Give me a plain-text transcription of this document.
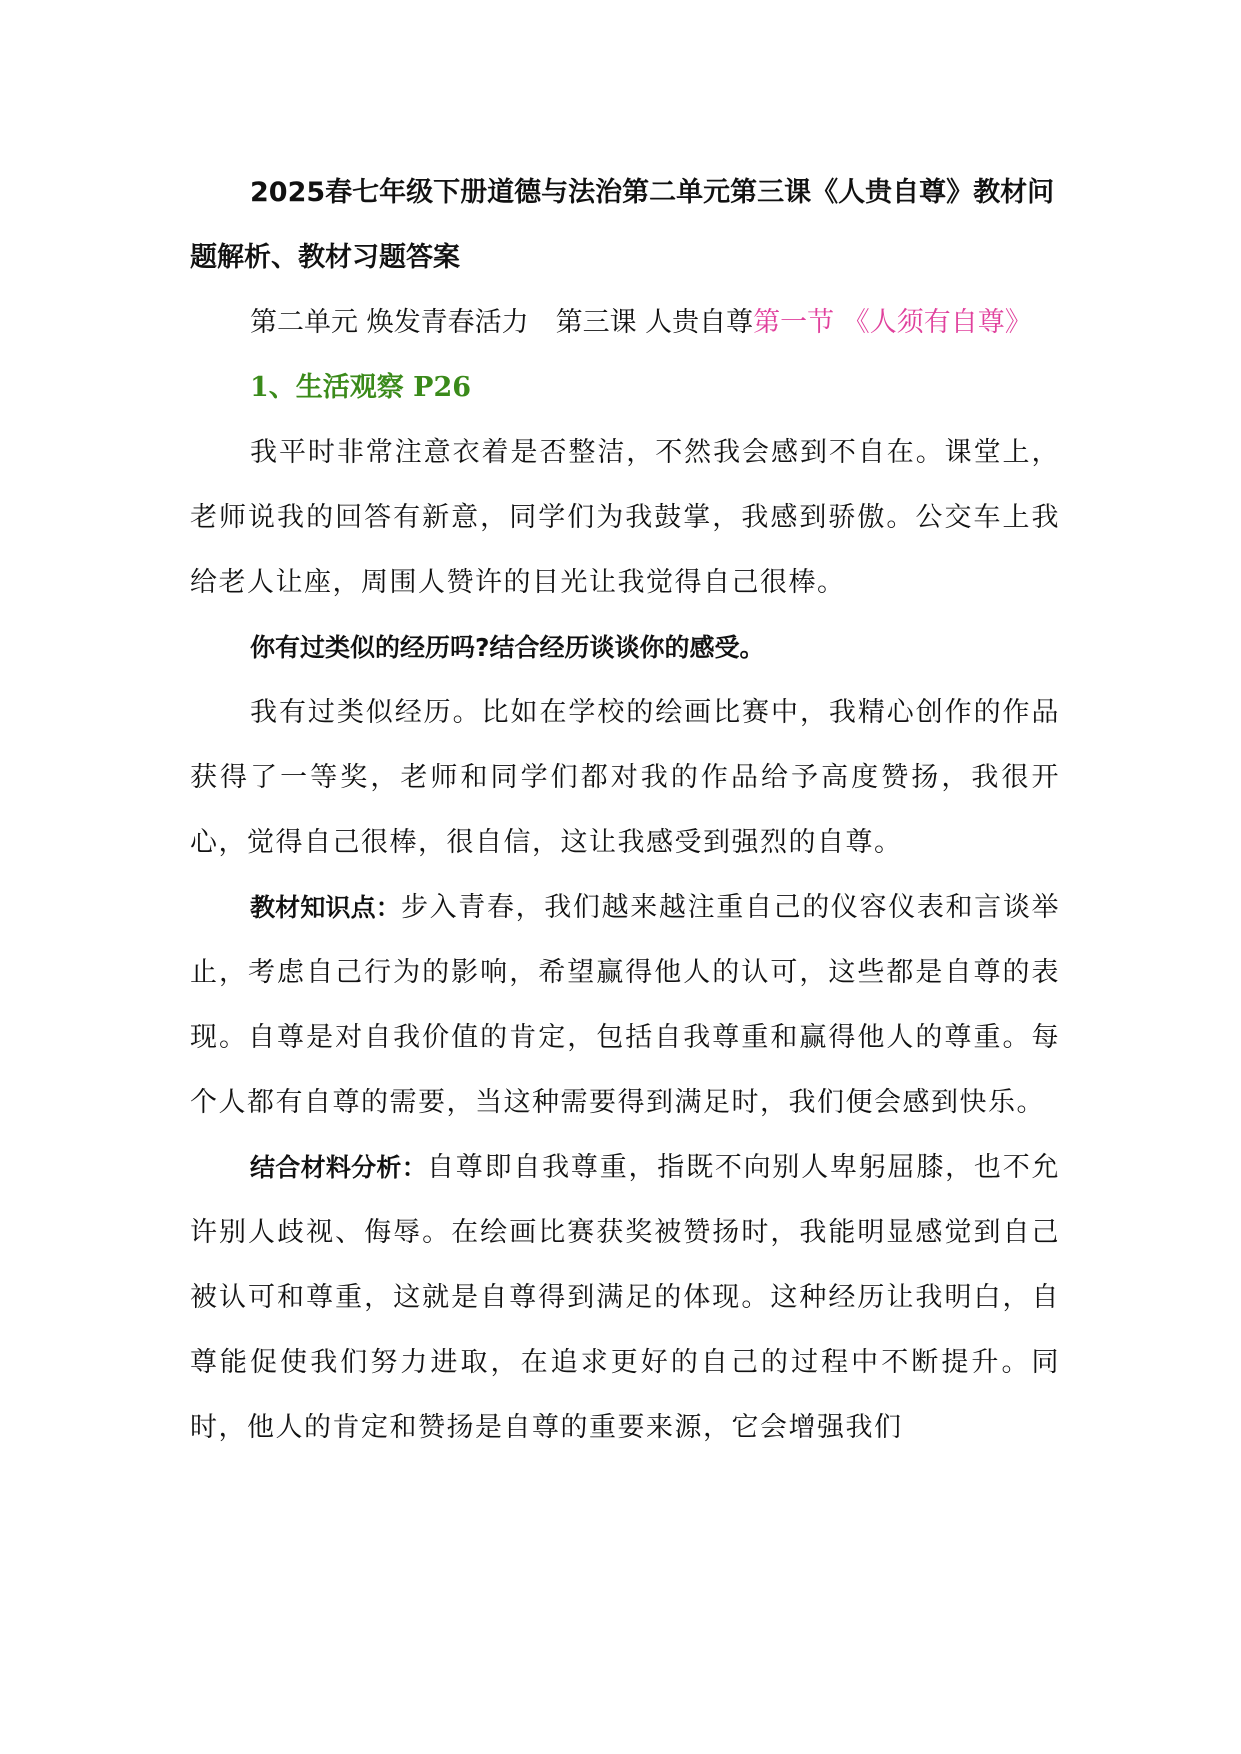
2025春七年级下册道德与法治第二单元第三课《人贵自尊》教材问题解析、教材习题答案

第二单元 焕发青春活力　第三课 人贵自尊第一节 《人须有自尊》

1、生活观察 P26

我平时非常注意衣着是否整洁，不然我会感到不自在。课堂上，老师说我的回答有新意，同学们为我鼓掌，我感到骄傲。公交车上我给老人让座，周围人赞许的目光让我觉得自己很棒。

你有过类似的经历吗?结合经历谈谈你的感受。

我有过类似经历。比如在学校的绘画比赛中，我精心创作的作品获得了一等奖，老师和同学们都对我的作品给予高度赞扬，我很开心，觉得自己很棒，很自信，这让我感受到强烈的自尊。

教材知识点：步入青春，我们越来越注重自己的仪容仪表和言谈举止，考虑自己行为的影响，希望赢得他人的认可，这些都是自尊的表现。自尊是对自我价值的肯定，包括自我尊重和赢得他人的尊重。每个人都有自尊的需要，当这种需要得到满足时，我们便会感到快乐。

结合材料分析：自尊即自我尊重，指既不向别人卑躬屈膝，也不允许别人歧视、侮辱。在绘画比赛获奖被赞扬时，我能明显感觉到自己被认可和尊重，这就是自尊得到满足的体现。这种经历让我明白，自尊能促使我们努力进取，在追求更好的自己的过程中不断提升。同时，他人的肯定和赞扬是自尊的重要来源，它会增强我们
